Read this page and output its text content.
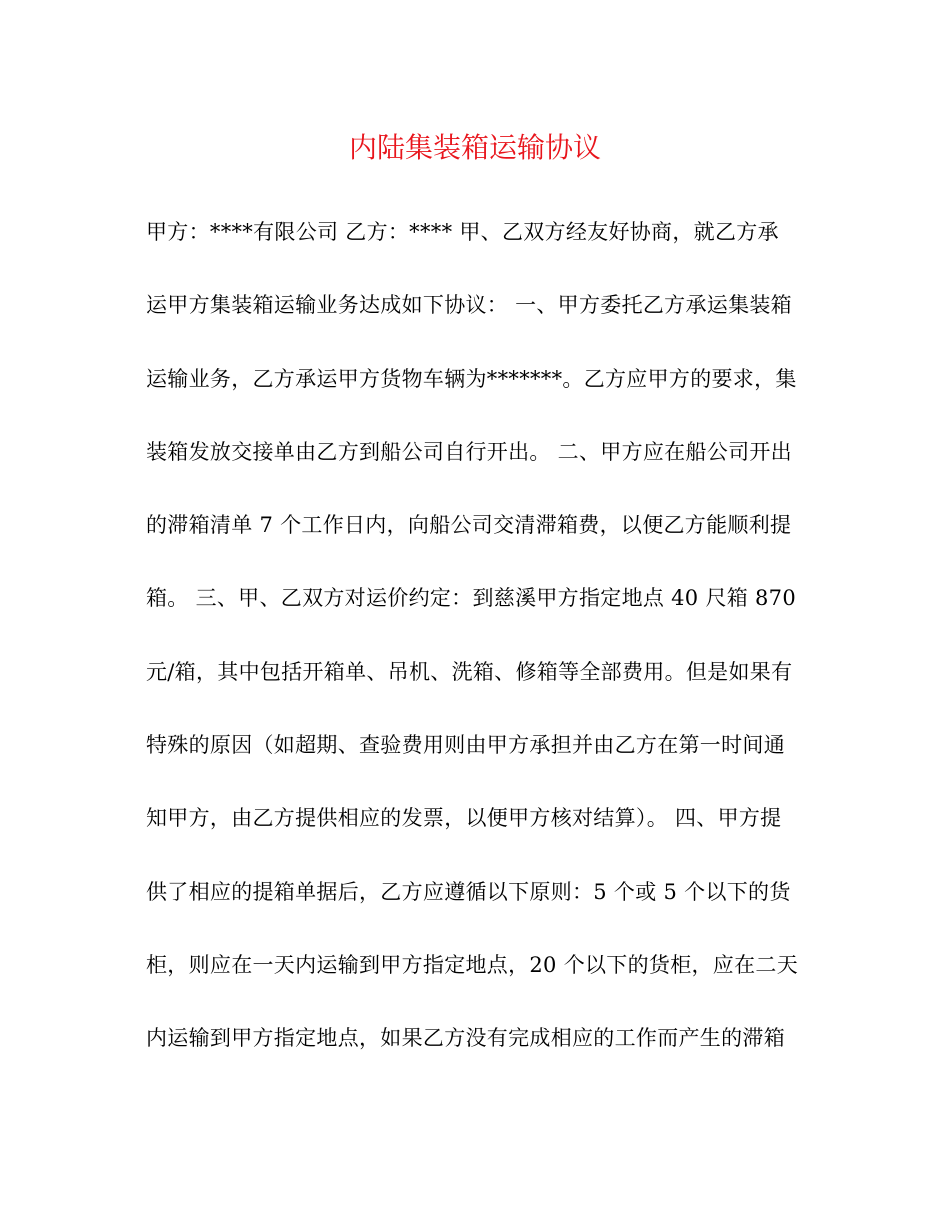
内陆集装箱运输协议
甲方：****有限公司 乙方：**** 甲、乙双方经友好协商，就乙方承
运甲方集装箱运输业务达成如下协议： 一、甲方委托乙方承运集装箱
运输业务，乙方承运甲方货物车辆为*******。乙方应甲方的要求，集
装箱发放交接单由乙方到船公司自行开出。 二、甲方应在船公司开出
的滞箱清单 7 个工作日内，向船公司交清滞箱费，以便乙方能顺利提
箱。 三、甲、乙双方对运价约定：到慈溪甲方指定地点 40 尺箱 870
元/箱，其中包括开箱单、吊机、洗箱、修箱等全部费用。但是如果有
特殊的原因（如超期、查验费用则由甲方承担并由乙方在第一时间通
知甲方，由乙方提供相应的发票，以便甲方核对结算）。 四、甲方提
供了相应的提箱单据后，乙方应遵循以下原则：5 个或 5 个以下的货
柜，则应在一天内运输到甲方指定地点，20 个以下的货柜，应在二天
内运输到甲方指定地点，如果乙方没有完成相应的工作而产生的滞箱
